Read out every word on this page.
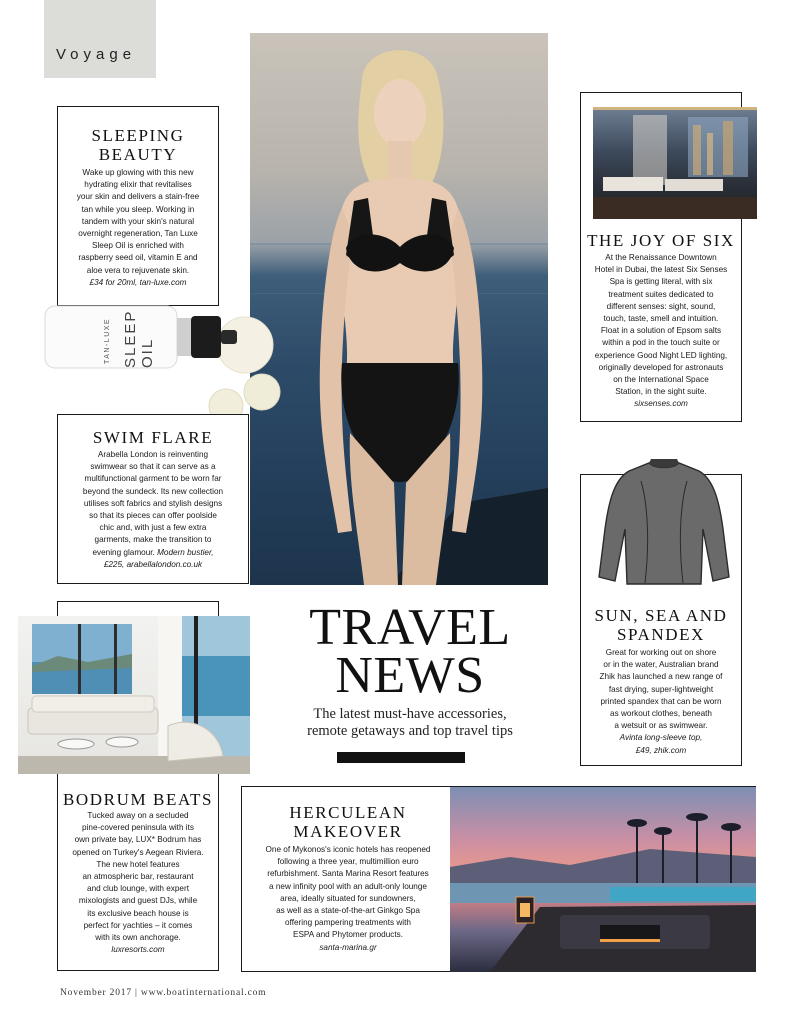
Voyage
SLEEPING
BEAUTY
Wake up glowing with this new
hydrating elixir that revitalises
your skin and delivers a stain-free
tan while you sleep. Working in
tandem with your skin's natural
overnight regeneration, Tan Luxe
Sleep Oil is enriched with
raspberry seed oil, vitamin E and
aloe vera to rejuvenate skin.
£34 for 20ml, tan-luxe.com
TAN-LUXE SLEEP OIL
SWIM FLARE
Arabella London is reinventing
swimwear so that it can serve as a
multifunctional garment to be worn far
beyond the sundeck. Its new collection
utilises soft fabrics and stylish designs
so that its pieces can offer poolside
chic and, with just a few extra
garments, make the transition to
evening glamour. Modern bustier,
£225, arabellalondon.co.uk
THE JOY OF SIX
At the Renaissance Downtown
Hotel in Dubai, the latest Six Senses
Spa is getting literal, with six
treatment suites dedicated to
different senses: sight, sound,
touch, taste, smell and intuition.
Float in a solution of Epsom salts
within a pod in the touch suite or
experience Good Night LED lighting,
originally developed for astronauts
on the International Space
Station, in the sight suite.
sixsenses.com
SUN, SEA AND
SPANDEX
Great for working out on shore
or in the water, Australian brand
Zhik has launched a new range of
fast drying, super-lightweight
printed spandex that can be worn
as workout clothes, beneath
a wetsuit or as swimwear.
Avinta long-sleeve top,
£49, zhik.com
TRAVEL
NEWS
The latest must-have accessories,
remote getaways and top travel tips
BODRUM BEATS
Tucked away on a secluded
pine-covered peninsula with its
own private bay, LUX* Bodrum has
opened on Turkey's Aegean Riviera.
The new hotel features
an atmospheric bar, restaurant
and club lounge, with expert
mixologists and guest DJs, while
its exclusive beach house is
perfect for yachties – it comes
with its own anchorage.
luxresorts.com
HERCULEAN
MAKEOVER
One of Mykonos's iconic hotels has reopened
following a three year, multimillion euro
refurbishment. Santa Marina Resort features
a new infinity pool with an adult-only lounge
area, ideally situated for sundowners,
as well as a state-of-the-art Ginkgo Spa
offering pampering treatments with
ESPA and Phytomer products.
santa-marina.gr
November 2017 | www.boatinternational.com
